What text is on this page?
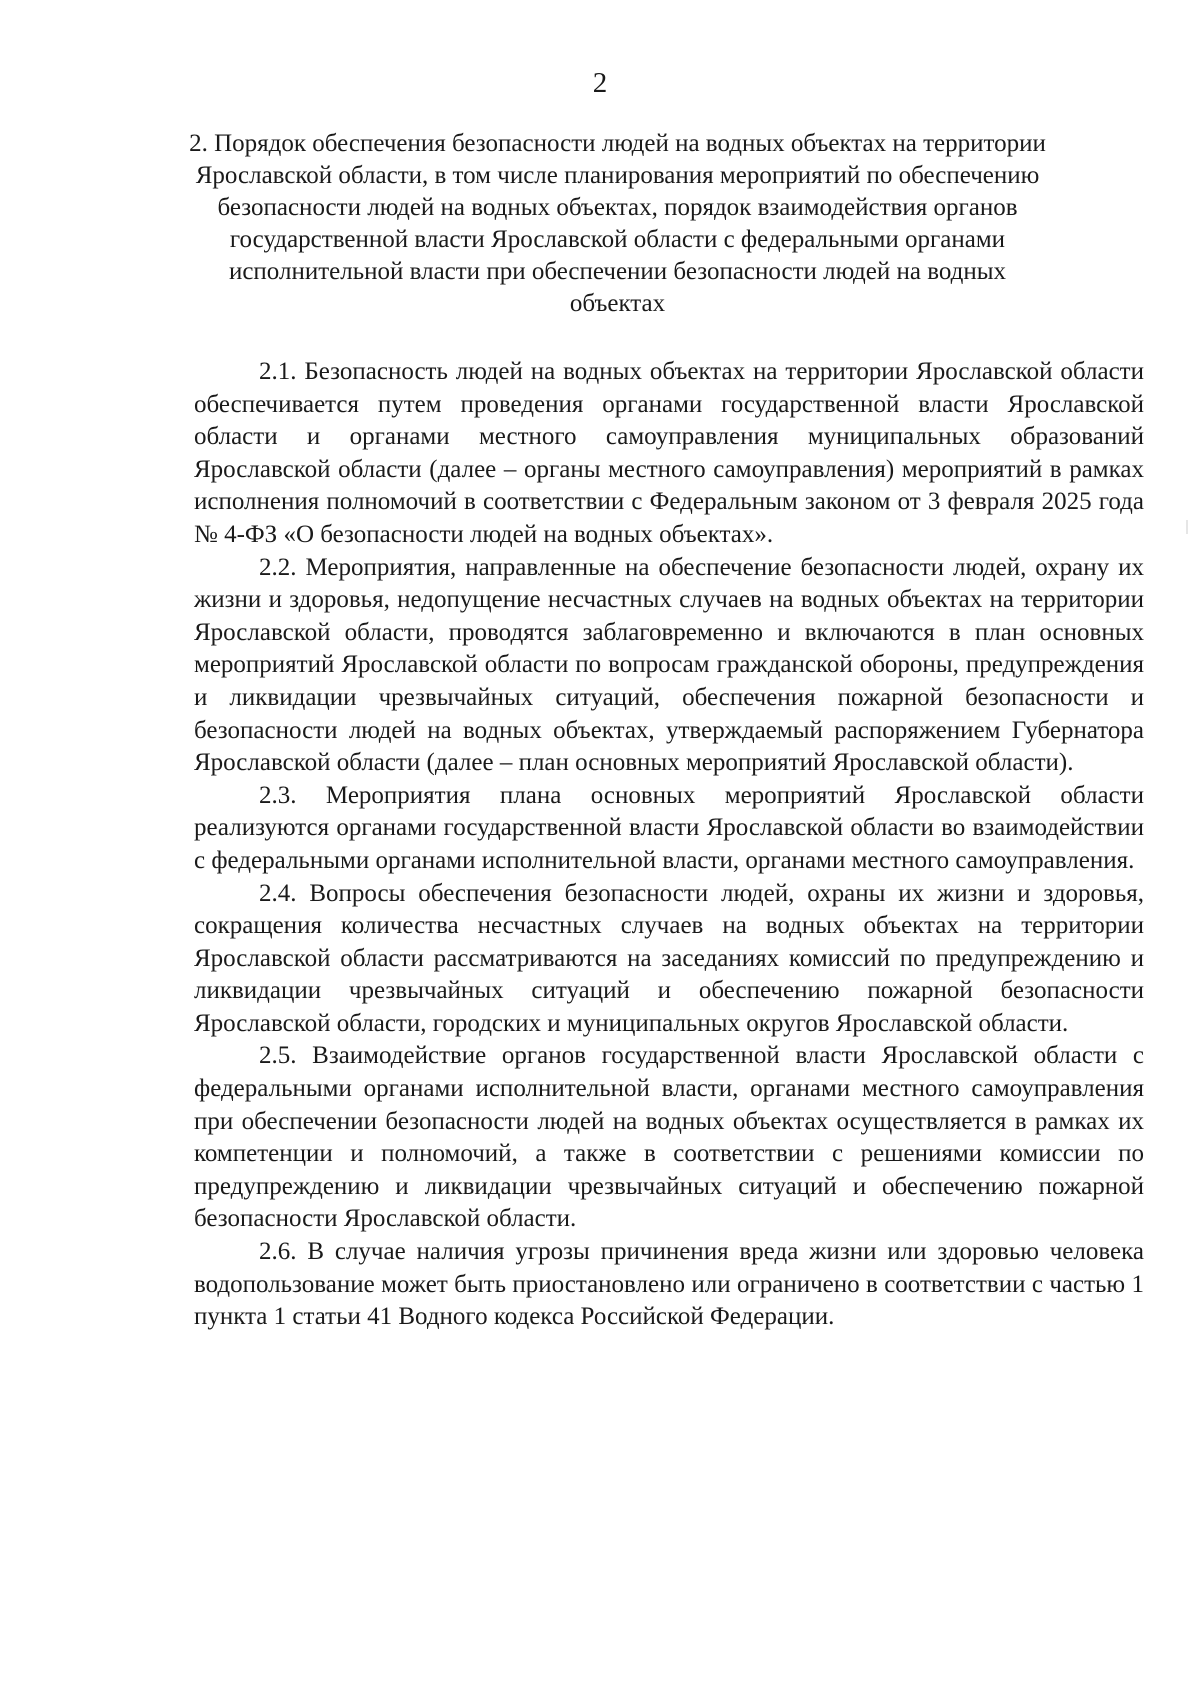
2
2. Порядок обеспечения безопасности людей на водных объектах на территории Ярославской области, в том числе планирования мероприятий по обеспечению безопасности людей на водных объектах, порядок взаимодействия органов государственной власти Ярославской области с федеральными органами исполнительной власти при обеспечении безопасности людей на водных объектах

2.1. Безопасность людей на водных объектах на территории Ярославской области обеспечивается путем проведения органами государственной власти Ярославской области и органами местного самоуправления муниципальных образований Ярославской области (далее – органы местного самоуправления) мероприятий в рамках исполнения полномочий в соответствии с Федеральным законом от 3 февраля 2025 года № 4-ФЗ «О безопасности людей на водных объектах».

2.2. Мероприятия, направленные на обеспечение безопасности людей, охрану их жизни и здоровья, недопущение несчастных случаев на водных объектах на территории Ярославской области, проводятся заблаговременно и включаются в план основных мероприятий Ярославской области по вопросам гражданской обороны, предупреждения и ликвидации чрезвычайных ситуаций, обеспечения пожарной безопасности и безопасности людей на водных объектах, утверждаемый распоряжением Губернатора Ярославской области (далее – план основных мероприятий Ярославской области).

2.3. Мероприятия плана основных мероприятий Ярославской области реализуются органами государственной власти Ярославской области во взаимодействии с федеральными органами исполнительной власти, органами местного самоуправления.

2.4. Вопросы обеспечения безопасности людей, охраны их жизни и здоровья, сокращения количества несчастных случаев на водных объектах на территории Ярославской области рассматриваются на заседаниях комиссий по предупреждению и ликвидации чрезвычайных ситуаций и обеспечению пожарной безопасности Ярославской области, городских и муниципальных округов Ярославской области.

2.5. Взаимодействие органов государственной власти Ярославской области с федеральными органами исполнительной власти, органами местного самоуправления при обеспечении безопасности людей на водных объектах осуществляется в рамках их компетенции и полномочий, а также в соответствии с решениями комиссии по предупреждению и ликвидации чрезвычайных ситуаций и обеспечению пожарной безопасности Ярославской области.

2.6. В случае наличия угрозы причинения вреда жизни или здоровью человека водопользование может быть приостановлено или ограничено в соответствии с частью 1 пункта 1 статьи 41 Водного кодекса Российской Федерации.
